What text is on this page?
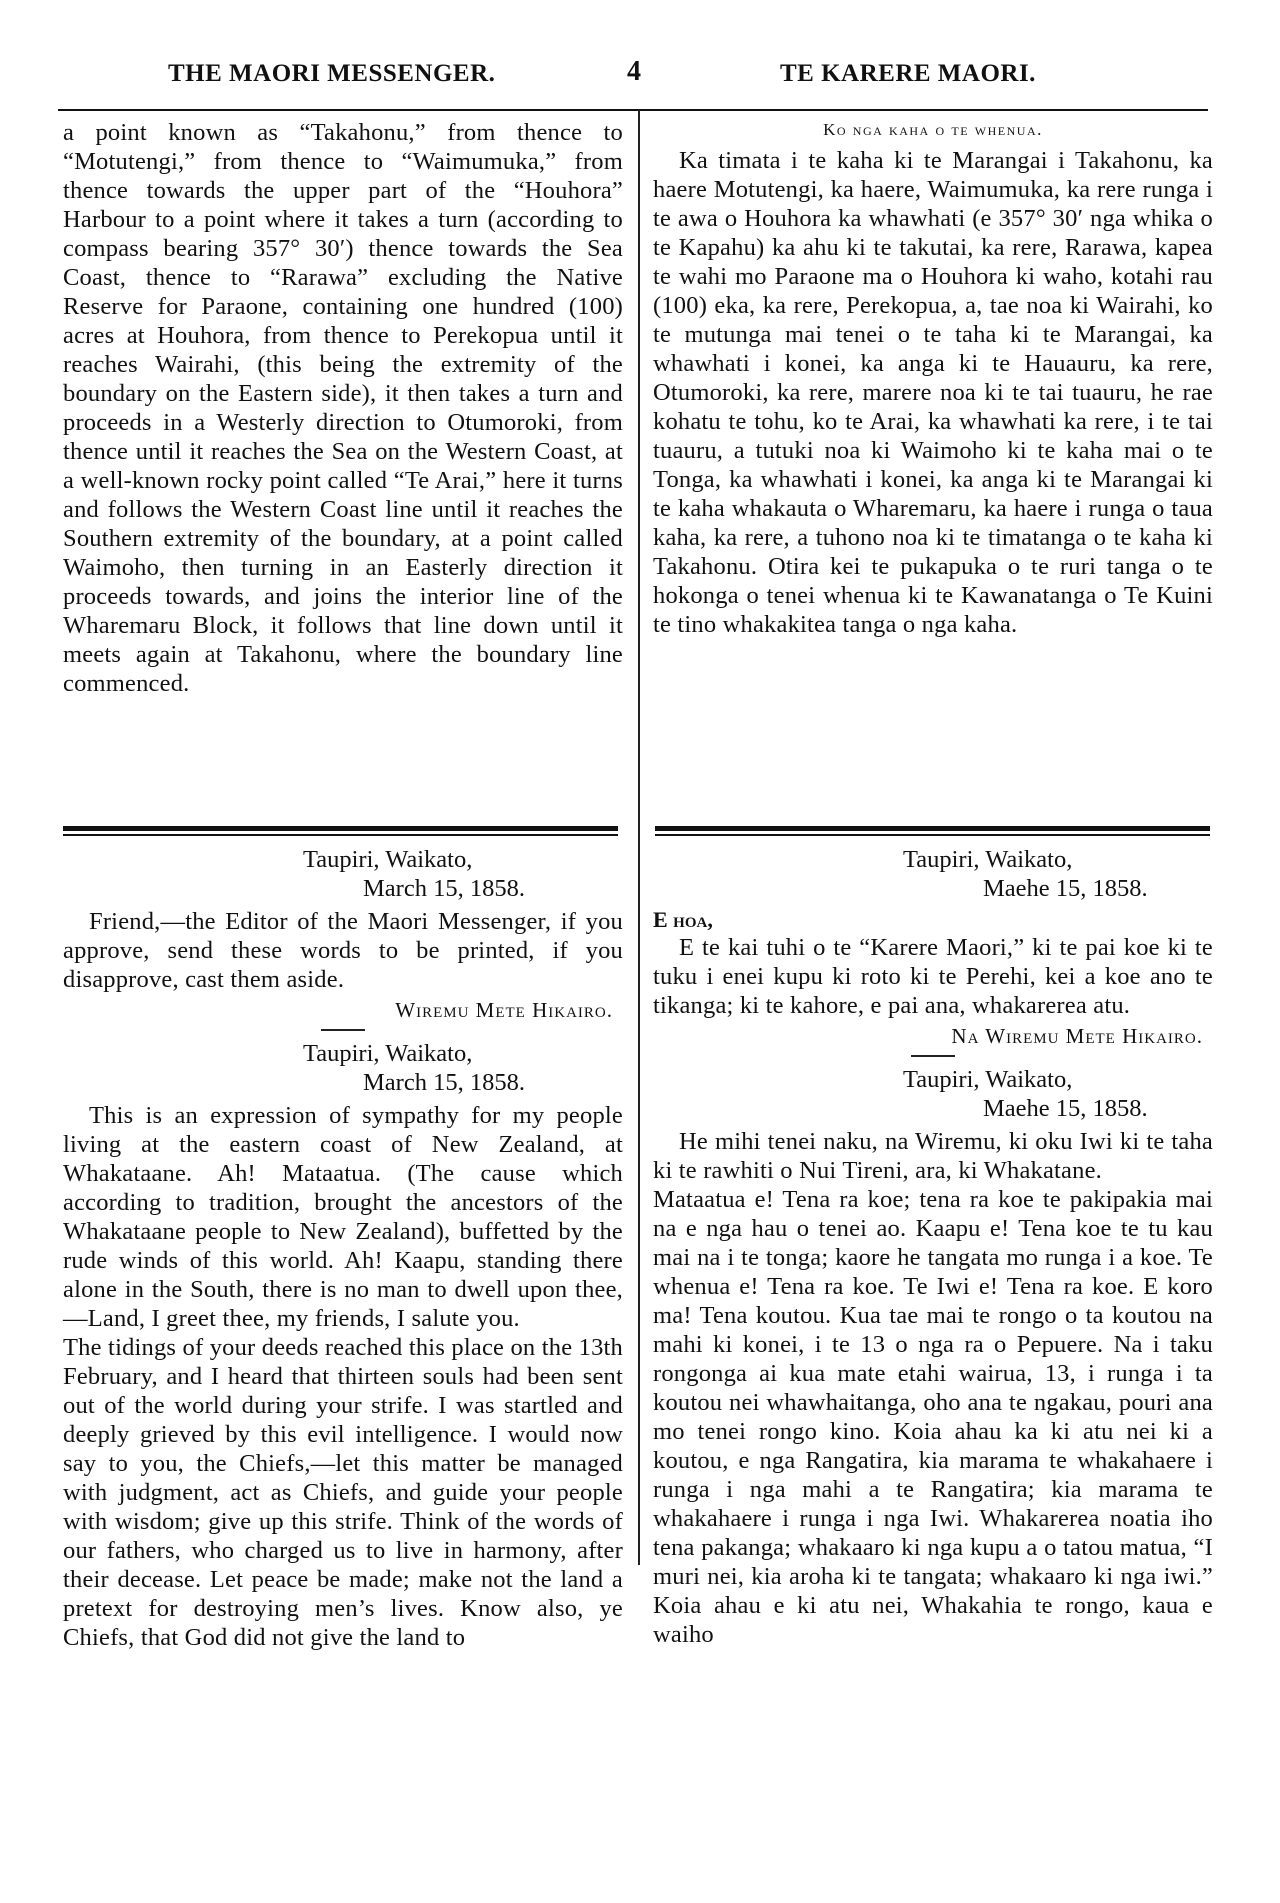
THE MAORI MESSENGER.	4	TE KARERE MAORI.

a point known as “Takahonu,” from thence to “Motutengi,” from thence to “Waimumuka,” from thence towards the upper part of the “Houhora” Harbour to a point where it takes a turn (according to compass bearing 357° 30′) thence towards the Sea Coast, thence to “Rarawa” excluding the Native Reserve for Paraone, containing one hundred (100) acres at Houhora, from thence to Perekopua until it reaches Wairahi, (this being the extremity of the boundary on the Eastern side), it then takes a turn and proceeds in a Westerly direction to Otumoroki, from thence until it reaches the Sea on the Western Coast, at a well-known rocky point called “Te Arai,” here it turns and follows the Western Coast line until it reaches the Southern extremity of the boundary, at a point called Waimoho, then turning in an Easterly direction it proceeds towards, and joins the interior line of the Wharemaru Block, it follows that line down until it meets again at Takahonu, where the boundary line commenced.

Ko nga kaha o te whenua.

Ka timata i te kaha ki te Marangai i Takahonu, ka haere Motutengi, ka haere, Waimumuka, ka rere runga i te awa o Houhora ka whawhati (e 357° 30′ nga whika o te Kapahu) ka ahu ki te takutai, ka rere, Rarawa, kapea te wahi mo Paraone ma o Houhora ki waho, kotahi rau (100) eka, ka rere, Perekopua, a, tae noa ki Wairahi, ko te mutunga mai tenei o te taha ki te Marangai, ka whawhati i konei, ka anga ki te Hauauru, ka rere, Otumoroki, ka rere, marere noa ki te tai tuauru, he rae kohatu te tohu, ko te Arai, ka whawhati ka rere, i te tai tuauru, a tutuki noa ki Waimoho ki te kaha mai o te Tonga, ka whawhati i konei, ka anga ki te Marangai ki te kaha whakauta o Wharemaru, ka haere i runga o taua kaha, ka rere, a tuhono noa ki te timatanga o te kaha ki Takahonu. Otira kei te pukapuka o te ruri tanga o te hokonga o tenei whenua ki te Kawanatanga o Te Kuini te tino whakakitea tanga o nga kaha.

Taupiri, Waikato,

March 15, 1858.

Friend,—the Editor of the Maori Messenger, if you approve, send these words to be printed, if you disapprove, cast them aside.

Wiremu Mete Hikairo.

Taupiri, Waikato,

March 15, 1858.

This is an expression of sympathy for my people living at the eastern coast of New Zealand, at Whakataane. Ah! Mataatua. (The cause which according to tradition, brought the ancestors of the Whakataane people to New Zealand), buffetted by the rude winds of this world. Ah! Kaapu, standing there alone in the South, there is no man to dwell upon thee,—Land, I greet thee, my friends, I salute you.

The tidings of your deeds reached this place on the 13th February, and I heard that thirteen souls had been sent out of the world during your strife. I was startled and deeply grieved by this evil intelligence. I would now say to you, the Chiefs,—let this matter be managed with judgment, act as Chiefs, and guide your people with wisdom; give up this strife. Think of the words of our fathers, who charged us to live in harmony, after their decease. Let peace be made; make not the land a pretext for destroying men’s lives. Know also, ye Chiefs, that God did not give the land to

Taupiri, Waikato,

Maehe 15, 1858.

E hoa,

E te kai tuhi o te “Karere Maori,” ki te pai koe ki te tuku i enei kupu ki roto ki te Perehi, kei a koe ano te tikanga; ki te kahore, e pai ana, whakarerea atu.

Na Wiremu Mete Hikairo.

Taupiri, Waikato,

Maehe 15, 1858.

He mihi tenei naku, na Wiremu, ki oku Iwi ki te taha ki te rawhiti o Nui Tireni, ara, ki Whakatane.

Mataatua e! Tena ra koe; tena ra koe te pakipakia mai na e nga hau o tenei ao. Kaapu e! Tena koe te tu kau mai na i te tonga; kaore he tangata mo runga i a koe. Te whenua e! Tena ra koe. Te Iwi e! Tena ra koe. E koro ma! Tena koutou. Kua tae mai te rongo o ta koutou na mahi ki konei, i te 13 o nga ra o Pepuere. Na i taku rongonga ai kua mate etahi wairua, 13, i runga i ta koutou nei whawhaitanga, oho ana te ngakau, pouri ana mo tenei rongo kino. Koia ahau ka ki atu nei ki a koutou, e nga Rangatira, kia marama te whakahaere i runga i nga mahi a te Rangatira; kia marama te whakahaere i runga i nga Iwi. Whakarerea noatia iho tena pakanga; whakaaro ki nga kupu a o tatou matua, “I muri nei, kia aroha ki te tangata; whakaaro ki nga iwi.” Koia ahau e ki atu nei, Whakahia te rongo, kaua e waiho
